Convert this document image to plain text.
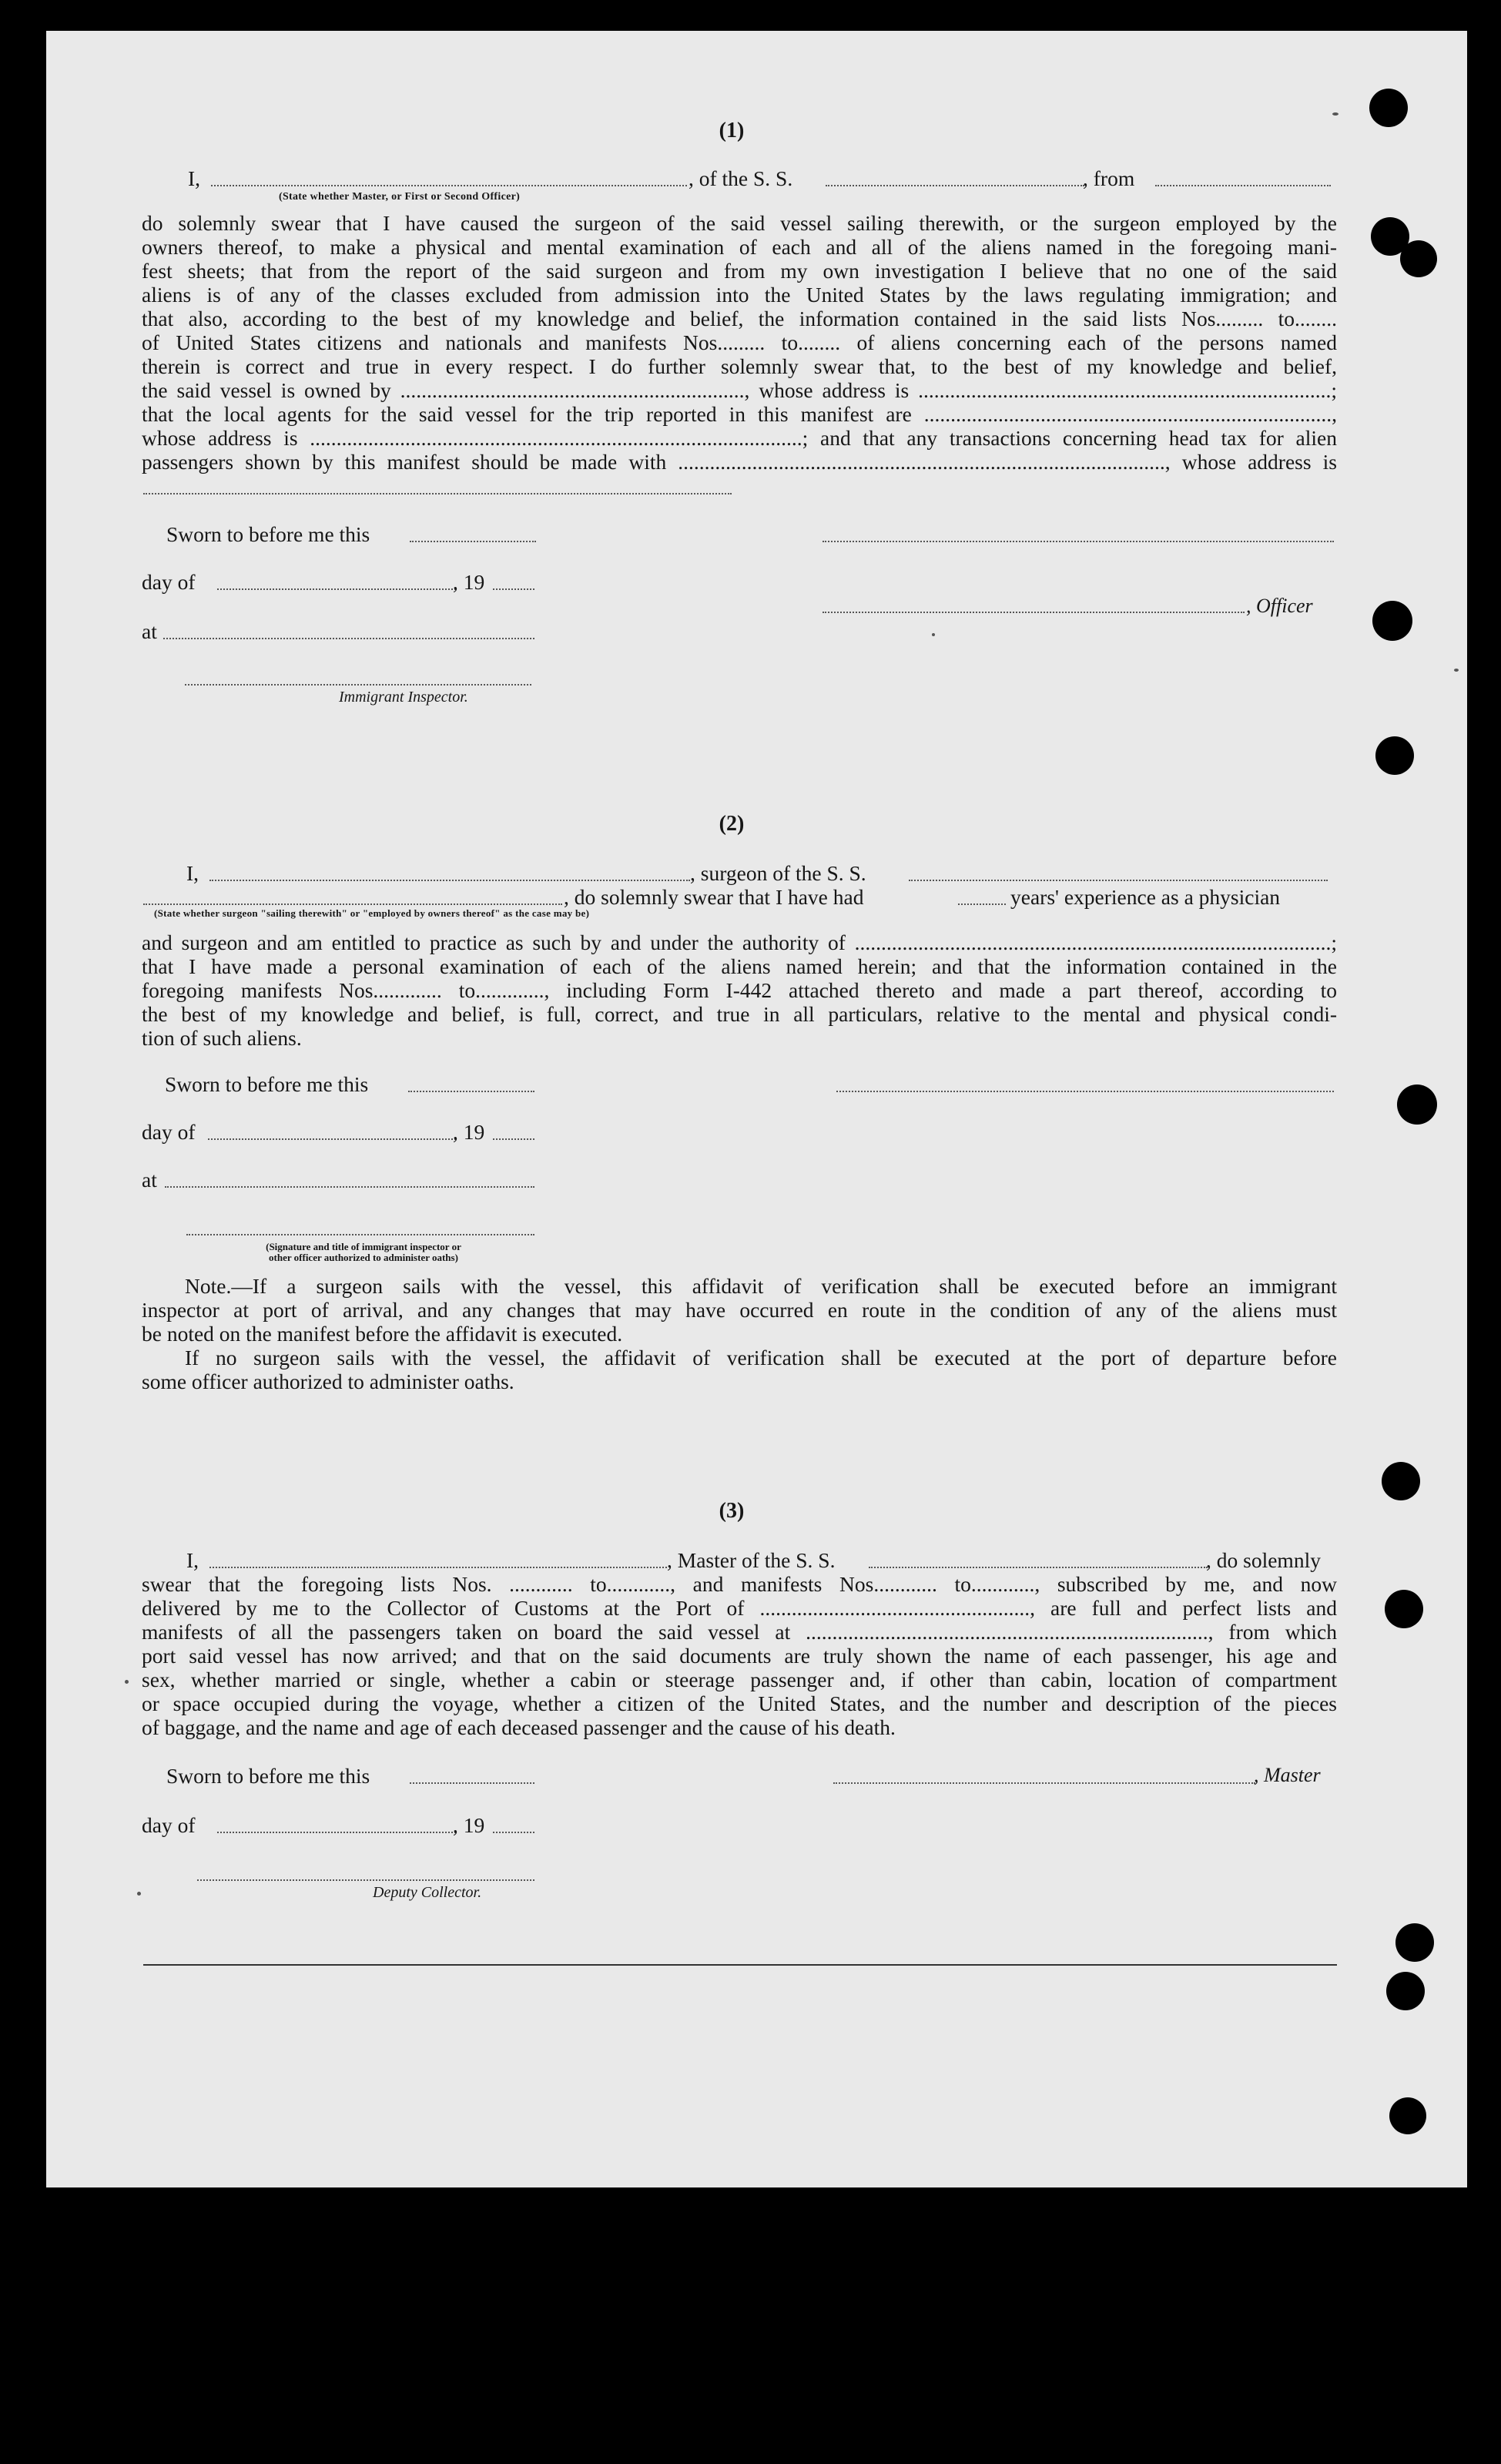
(1)
I,	, of the S. S.	, from
(State whether Master, or First or Second Officer)
do solemnly swear that I have caused the surgeon of the said vessel sailing therewith, or the surgeon employed by the
owners thereof, to make a physical and mental examination of each and all of the aliens named in the foregoing mani-
fest sheets; that from the report of the said surgeon and from my own investigation I believe that no one of the said
aliens is of any of the classes excluded from admission into the United States by the laws regulating immigration; and
that also, according to the best of my knowledge and belief, the information contained in the said lists Nos......... to........
of United States citizens and nationals and manifests Nos......... to........ of aliens concerning each of the persons named
therein is correct and true in every respect. I do further solemnly swear that, to the best of my knowledge and belief,
the said vessel is owned by ................................................................., whose address is ..............................................................................;
that the local agents for the said vessel for the trip reported in this manifest are .............................................................................,
whose address is .............................................................................................; and that any transactions concerning head tax for alien
passengers shown by this manifest should be made with ............................................................................................, whose address is
Sworn to before me this
day of	, 19
, Officer
at
Immigrant Inspector.
(2)
I,	, surgeon of the S. S.
, do solemnly swear that I have had	years' experience as a physician
(State whether surgeon "sailing therewith" or "employed by owners thereof" as the case may be)
and surgeon and am entitled to practice as such by and under the authority of ..........................................................................................;
that I have made a personal examination of each of the aliens named herein; and that the information contained in the
foregoing manifests Nos............. to............., including Form I-442 attached thereto and made a part thereof, according to
the best of my knowledge and belief, is full, correct, and true in all particulars, relative to the mental and physical condi-
tion of such aliens.
Sworn to before me this
day of	, 19
at
(Signature and title of immigrant inspector or
other officer authorized to administer oaths)
Note.—If a surgeon sails with the vessel, this affidavit of verification shall be executed before an immigrant
inspector at port of arrival, and any changes that may have occurred en route in the condition of any of the aliens must
be noted on the manifest before the affidavit is executed.
If no surgeon sails with the vessel, the affidavit of verification shall be executed at the port of departure before
some officer authorized to administer oaths.
(3)
I,	, Master of the S. S.	, do solemnly
swear that the foregoing lists Nos. ............ to............, and manifests Nos............ to............, subscribed by me, and now
delivered by me to the Collector of Customs at the Port of ..................................................., are full and perfect lists and
manifests of all the passengers taken on board the said vessel at ............................................................................, from which
port said vessel has now arrived; and that on the said documents are truly shown the name of each passenger, his age and
sex, whether married or single, whether a cabin or steerage passenger and, if other than cabin, location of compartment
or space occupied during the voyage, whether a citizen of the United States, and the number and description of the pieces
of baggage, and the name and age of each deceased passenger and the cause of his death.
Sworn to before me this	, Master
day of	, 19
Deputy Collector.
